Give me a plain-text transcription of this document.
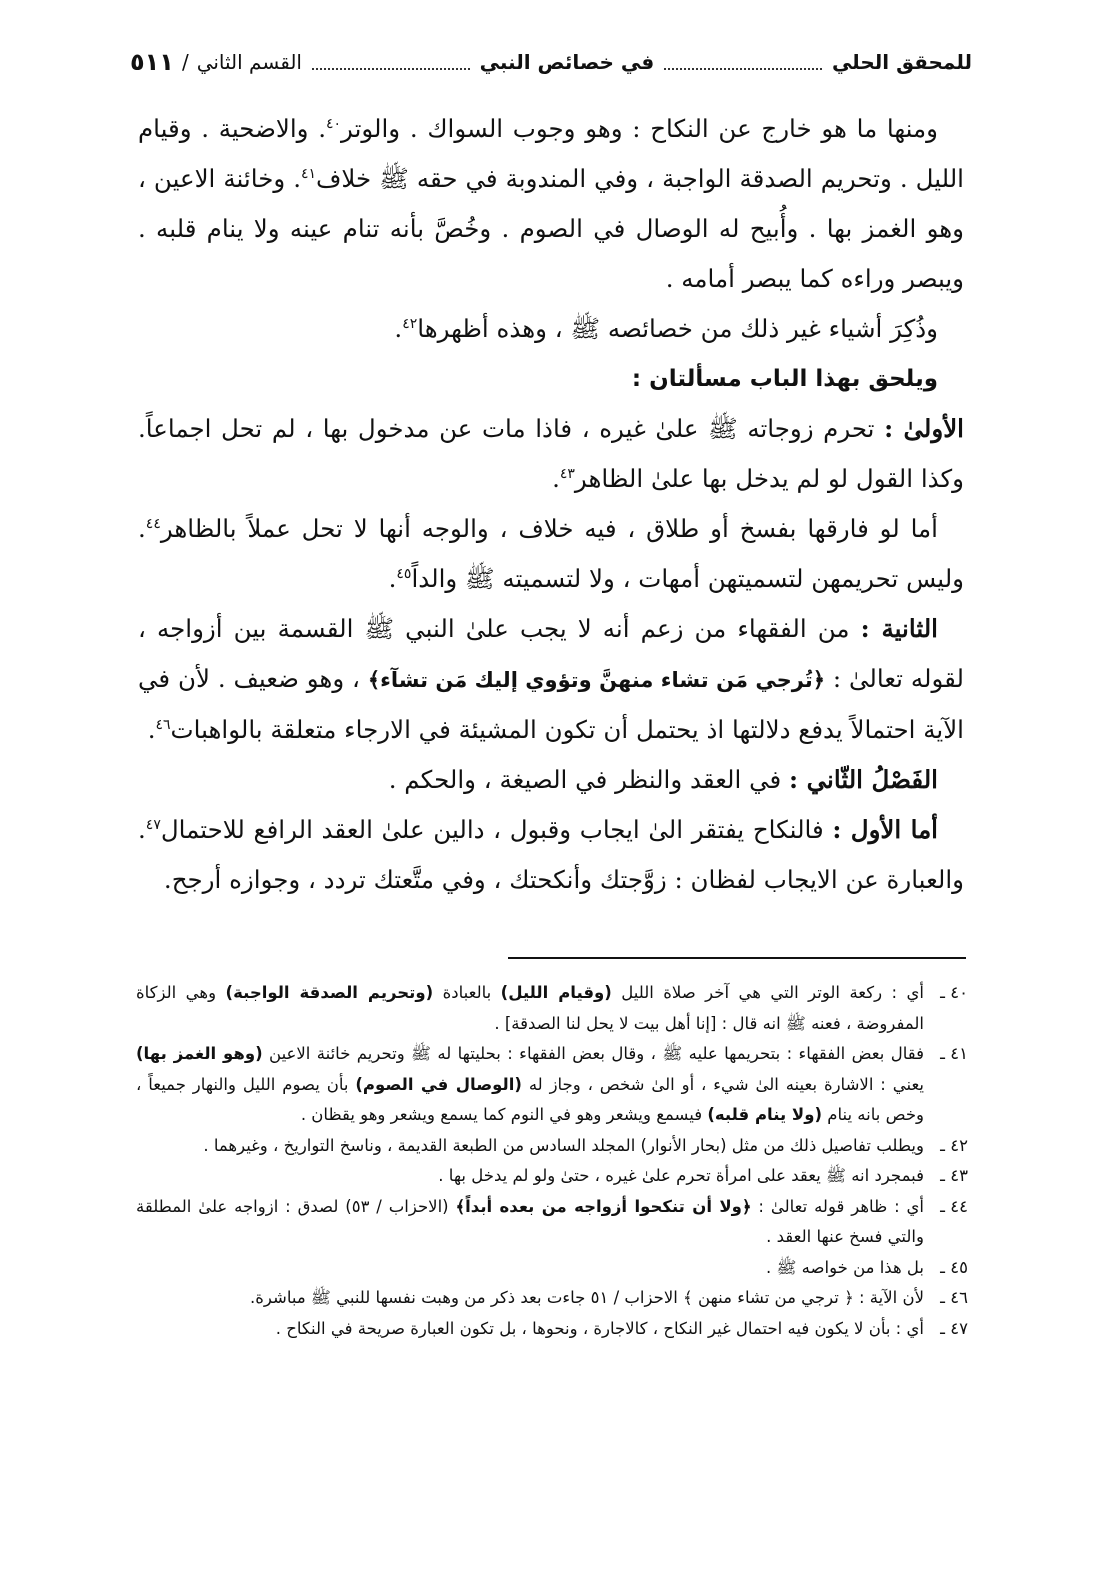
للمحقق الحلي
في خصائص النبي
القسم الثاني
/
٥١١

ومنها ما هو خارج عن النكاح : وهو وجوب السواك . والوتر$^{٤٠}$. والاضحية . وقيام الليل . وتحريم الصدقة الواجبة ، وفي المندوبة في حقه ﷺ خلاف$^{٤١}$. وخائنة الاعين ، وهو الغمز بها . وأُبيح له الوصال في الصوم . وخُصَّ بأنه تنام عينه ولا ينام قلبه . ويبصر وراءه كما يبصر أمامه .

وذُكِرَ أشياء غير ذلك من خصائصه ﷺ ، وهذه أظهرها$^{٤٢}$.

ويلحق بهذا الباب مسألتان :

الأولىٰ : تحرم زوجاته ﷺ علىٰ غيره ، فاذا مات عن مدخول بها ، لم تحل اجماعاً. وكذا القول لو لم يدخل بها علىٰ الظاهر$^{٤٣}$.

أما لو فارقها بفسخ أو طلاق ، فيه خلاف ، والوجه أنها لا تحل عملاً بالظاهر$^{٤٤}$. وليس تحريمهن لتسميتهن أمهات ، ولا لتسميته ﷺ والداً$^{٤٥}$.

الثانية : من الفقهاء من زعم أنه لا يجب علىٰ النبي ﷺ القسمة بين أزواجه ، لقوله تعالىٰ : ﴿تُرجي مَن تشاء منهنَّ وتؤوي إليك مَن تشآء﴾ ، وهو ضعيف . لأن في الآية احتمالاً يدفع دلالتها اذ يحتمل أن تكون المشيئة في الارجاء متعلقة بالواهبات$^{٤٦}$.

الفَصْلُ الثّاني : في العقد والنظر في الصيغة ، والحكم .

أما الأول : فالنكاح يفتقر الىٰ ايجاب وقبول ، دالين علىٰ العقد الرافع للاحتمال$^{٤٧}$. والعبارة عن الايجاب لفظان : زوَّجتك وأنكحتك ، وفي متَّعتك تردد ، وجوازه أرجح.

٤٠ ـأي : ركعة الوتر التي هي آخر صلاة الليل (وقيام الليل) بالعبادة (وتحريم الصدقة الواجبة) وهي الزكاة المفروضة ، فعنه ﷺ انه قال : [إنا أهل بيت لا يحل لنا الصدقة] .

٤١ ـفقال بعض الفقهاء : بتحريمها عليه ﷺ ، وقال بعض الفقهاء : بحليتها له ﷺ وتحريم خائنة الاعين (وهو الغمز بها) يعني : الاشارة بعينه الىٰ شيء ، أو الىٰ شخص ، وجاز له (الوصال في الصوم) بأن يصوم الليل والنهار جميعاً ، وخص بانه ينام (ولا ينام قلبه) فيسمع ويشعر وهو في النوم كما يسمع ويشعر وهو يقظان .

٤٢ ـويطلب تفاصيل ذلك من مثل (بحار الأنوار) المجلد السادس من الطبعة القديمة ، وناسخ التواريخ ، وغيرهما .

٤٣ ـفبمجرد انه ﷺ يعقد على امرأة تحرم علىٰ غيره ، حتىٰ ولو لم يدخل بها .

٤٤ ـأي : ظاهر قوله تعالىٰ : ﴿ولا أن تنكحوا أزواجه من بعده أبداً﴾ (الاحزاب / ٥٣) لصدق : ازواجه علىٰ المطلقة والتي فسخ عنها العقد .

٤٥ ـبل هذا من خواصه ﷺ .

٤٦ ـلأن الآية : ﴿ ترجي من تشاء منهن ﴾ الاحزاب / ٥١ جاءت بعد ذكر من وهبت نفسها للنبي ﷺ مباشرة.

٤٧ ـأي : بأن لا يكون فيه احتمال غير النكاح ، كالاجارة ، ونحوها ، بل تكون العبارة صريحة في النكاح .
